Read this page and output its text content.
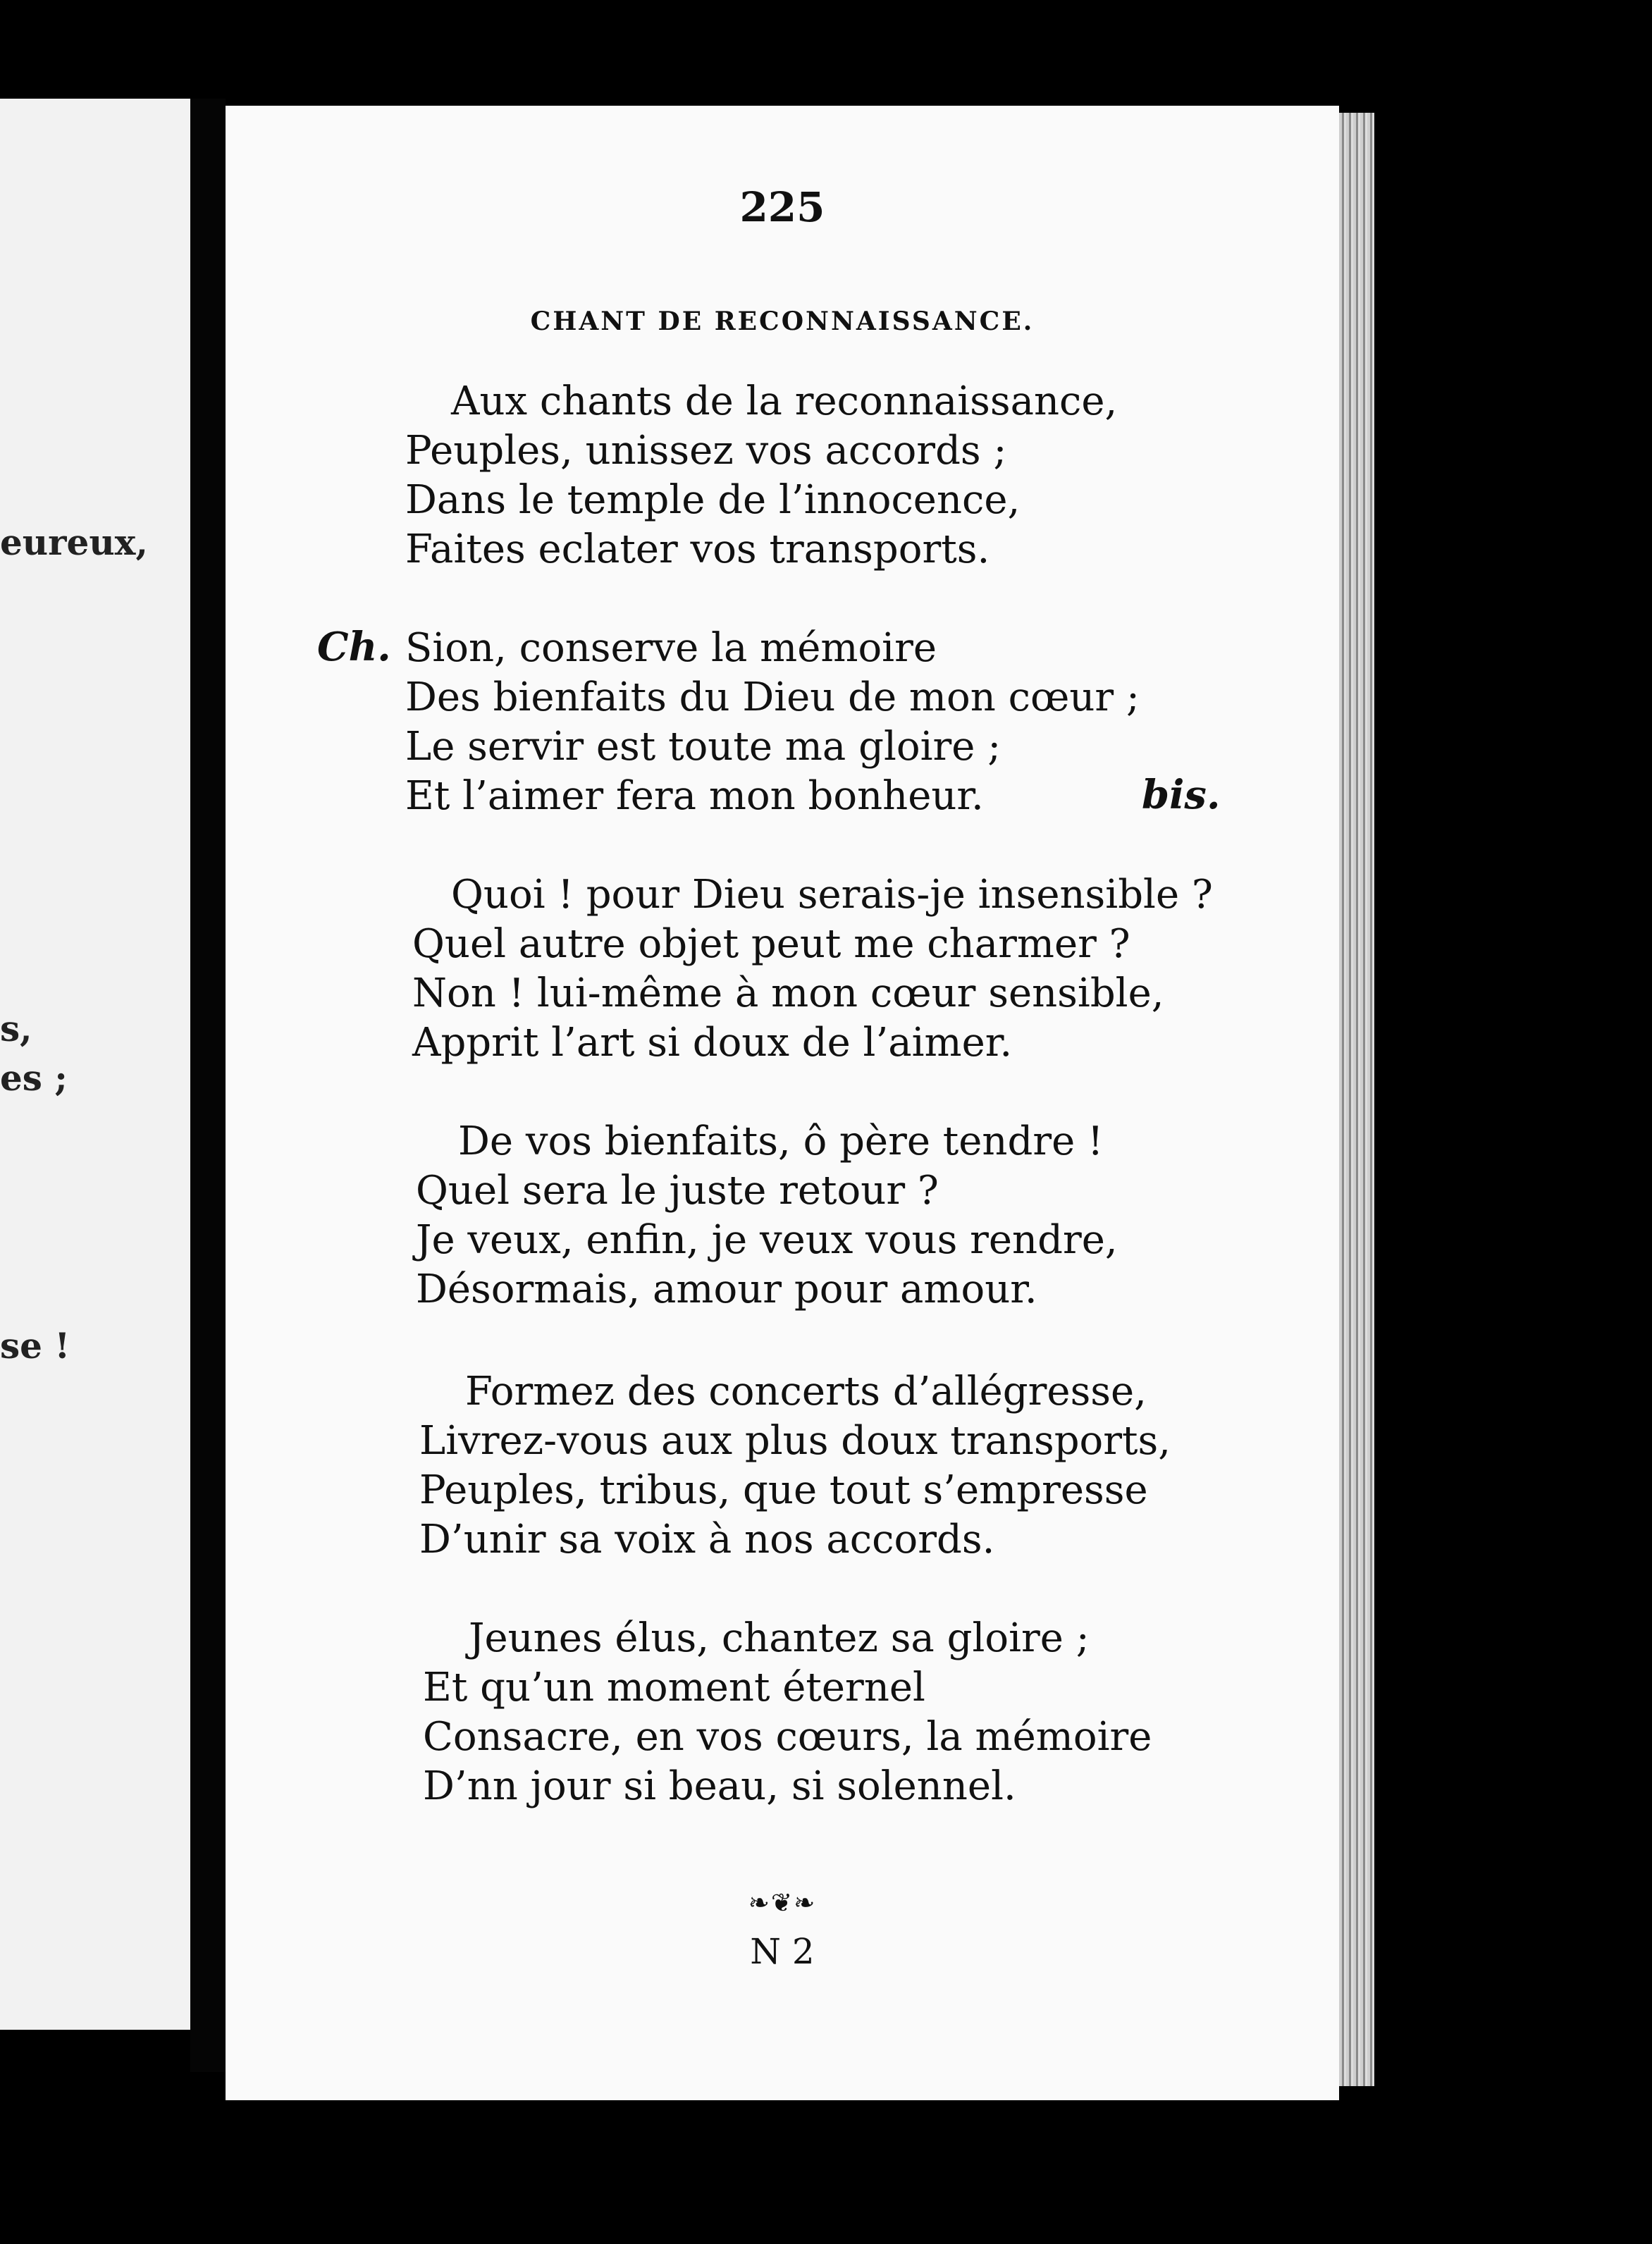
eureux,
s,
es ;
se !
225
CHANT DE RECONNAISSANCE.
Aux chants de la reconnaissance,
Peuples, unissez vos accords ;
Dans le temple de l’innocence,
Faites eclater vos transports.
Ch. Sion, conserve la mémoire
Des bienfaits du Dieu de mon cœur ;
Le servir est toute ma gloire ;
Et l’aimer fera mon bonheur.	bis.
Quoi ! pour Dieu serais-je insensible ?
Quel autre objet peut me charmer ?
Non ! lui-même à mon cœur sensible,
Apprit l’art si doux de l’aimer.
De vos bienfaits, ô père tendre !
Quel sera le juste retour ?
Je veux, enfin, je veux vous rendre,
Désormais, amour pour amour.
Formez des concerts d’allégresse,
Livrez-vous aux plus doux transports,
Peuples, tribus, que tout s’empresse
D’unir sa voix à nos accords.
Jeunes élus, chantez sa gloire ;
Et qu’un moment éternel
Consacre, en vos cœurs, la mémoire
D’nn jour si beau, si solennel.
❧❦❧
N 2
